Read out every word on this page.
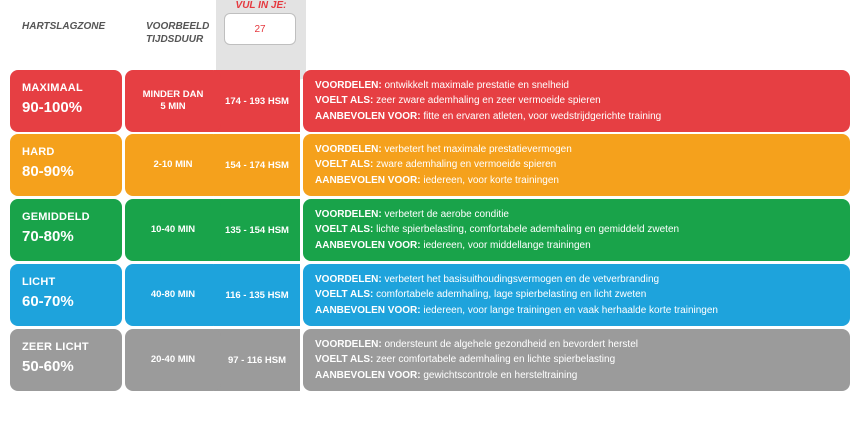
HARTSLAGZONE	VOORBEELD
TIJDSDUUR
VUL IN JE:
27
VOORDELEN: ontwikkelt maximale prestatie en snelheid
VOELT ALS: zeer zware ademhaling en zeer vermoeide spieren
AANBEVOLEN VOOR: fitte en ervaren atleten, voor wedstrijdgerichte training
174 - 193 HSM
MINDER DAN
5 MIN
MAXIMAAL
90-100%
VOORDELEN: verbetert het maximale prestatievermogen
VOELT ALS: zware ademhaling en vermoeide spieren
AANBEVOLEN VOOR: iedereen, voor korte trainingen
154 - 174 HSM
2-10 MIN
HARD
80-90%
VOORDELEN: verbetert de aerobe conditie
VOELT ALS: lichte spierbelasting, comfortabele ademhaling en gemiddeld zweten
AANBEVOLEN VOOR: iedereen, voor middellange trainingen
135 - 154 HSM
10-40 MIN
GEMIDDELD
70-80%
VOORDELEN: verbetert het basisuithoudingsvermogen en de vetverbranding
VOELT ALS: comfortabele ademhaling, lage spierbelasting en licht zweten
AANBEVOLEN VOOR: iedereen, voor lange trainingen en vaak herhaalde korte trainingen
116 - 135 HSM
40-80 MIN
LICHT
60-70%
VOORDELEN: ondersteunt de algehele gezondheid en bevordert herstel
VOELT ALS: zeer comfortabele ademhaling en lichte spierbelasting
AANBEVOLEN VOOR: gewichtscontrole en hersteltraining
97 - 116 HSM
20-40 MIN
ZEER LICHT
50-60%
